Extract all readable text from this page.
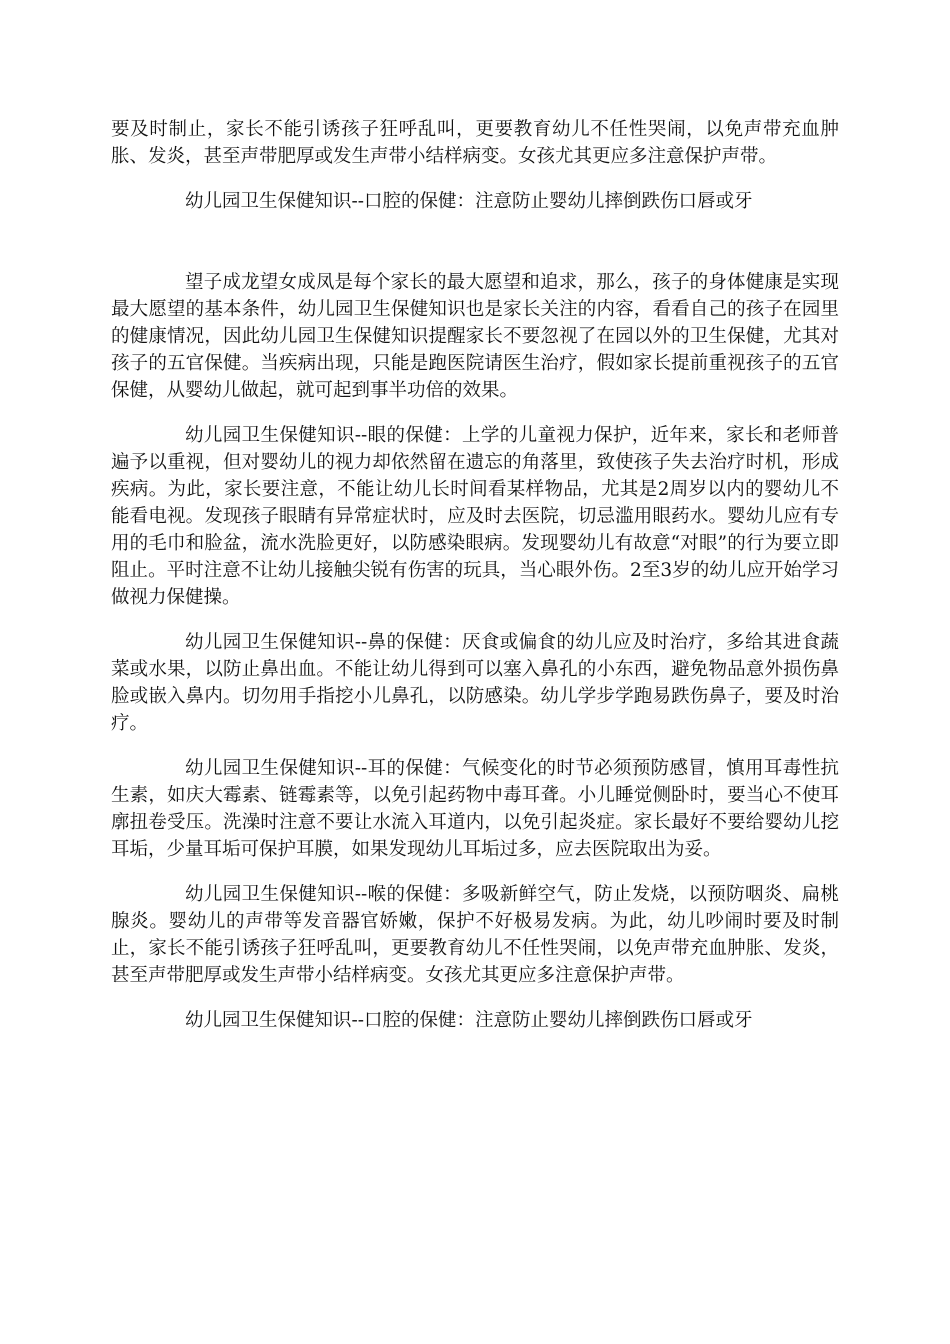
要及时制止，家长不能引诱孩子狂呼乱叫，更要教育幼儿不任性哭闹，以免声带充血肿胀、发炎，甚至声带肥厚或发生声带小结样病变。女孩尤其更应多注意保护声带。

幼儿园卫生保健知识--口腔的保健：注意防止婴幼儿摔倒跌伤口唇或牙

望子成龙望女成凤是每个家长的最大愿望和追求，那么，孩子的身体健康是实现最大愿望的基本条件，幼儿园卫生保健知识也是家长关注的内容，看看自己的孩子在园里的健康情况，因此幼儿园卫生保健知识提醒家长不要忽视了在园以外的卫生保健，尤其对孩子的五官保健。当疾病出现，只能是跑医院请医生治疗，假如家长提前重视孩子的五官保健，从婴幼儿做起，就可起到事半功倍的效果。

幼儿园卫生保健知识--眼的保健：上学的儿童视力保护，近年来，家长和老师普遍予以重视，但对婴幼儿的视力却依然留在遗忘的角落里，致使孩子失去治疗时机，形成疾病。为此，家长要注意，不能让幼儿长时间看某样物品，尤其是2周岁以内的婴幼儿不能看电视。发现孩子眼睛有异常症状时，应及时去医院，切忌滥用眼药水。婴幼儿应有专用的毛巾和脸盆，流水洗脸更好，以防感染眼病。发现婴幼儿有故意“对眼”的行为要立即阻止。平时注意不让幼儿接触尖锐有伤害的玩具，当心眼外伤。2至3岁的幼儿应开始学习做视力保健操。

幼儿园卫生保健知识--鼻的保健：厌食或偏食的幼儿应及时治疗，多给其进食蔬菜或水果，以防止鼻出血。不能让幼儿得到可以塞入鼻孔的小东西，避免物品意外损伤鼻脸或嵌入鼻内。切勿用手指挖小儿鼻孔，以防感染。幼儿学步学跑易跌伤鼻子，要及时治疗。

幼儿园卫生保健知识--耳的保健：气候变化的时节必须预防感冒，慎用耳毒性抗生素，如庆大霉素、链霉素等，以免引起药物中毒耳聋。小儿睡觉侧卧时，要当心不使耳廓扭卷受压。洗澡时注意不要让水流入耳道内，以免引起炎症。家长最好不要给婴幼儿挖耳垢，少量耳垢可保护耳膜，如果发现幼儿耳垢过多，应去医院取出为妥。

幼儿园卫生保健知识--喉的保健：多吸新鲜空气，防止发烧，以预防咽炎、扁桃腺炎。婴幼儿的声带等发音器官娇嫩，保护不好极易发病。为此，幼儿吵闹时要及时制止，家长不能引诱孩子狂呼乱叫，更要教育幼儿不任性哭闹，以免声带充血肿胀、发炎，甚至声带肥厚或发生声带小结样病变。女孩尤其更应多注意保护声带。

幼儿园卫生保健知识--口腔的保健：注意防止婴幼儿摔倒跌伤口唇或牙
